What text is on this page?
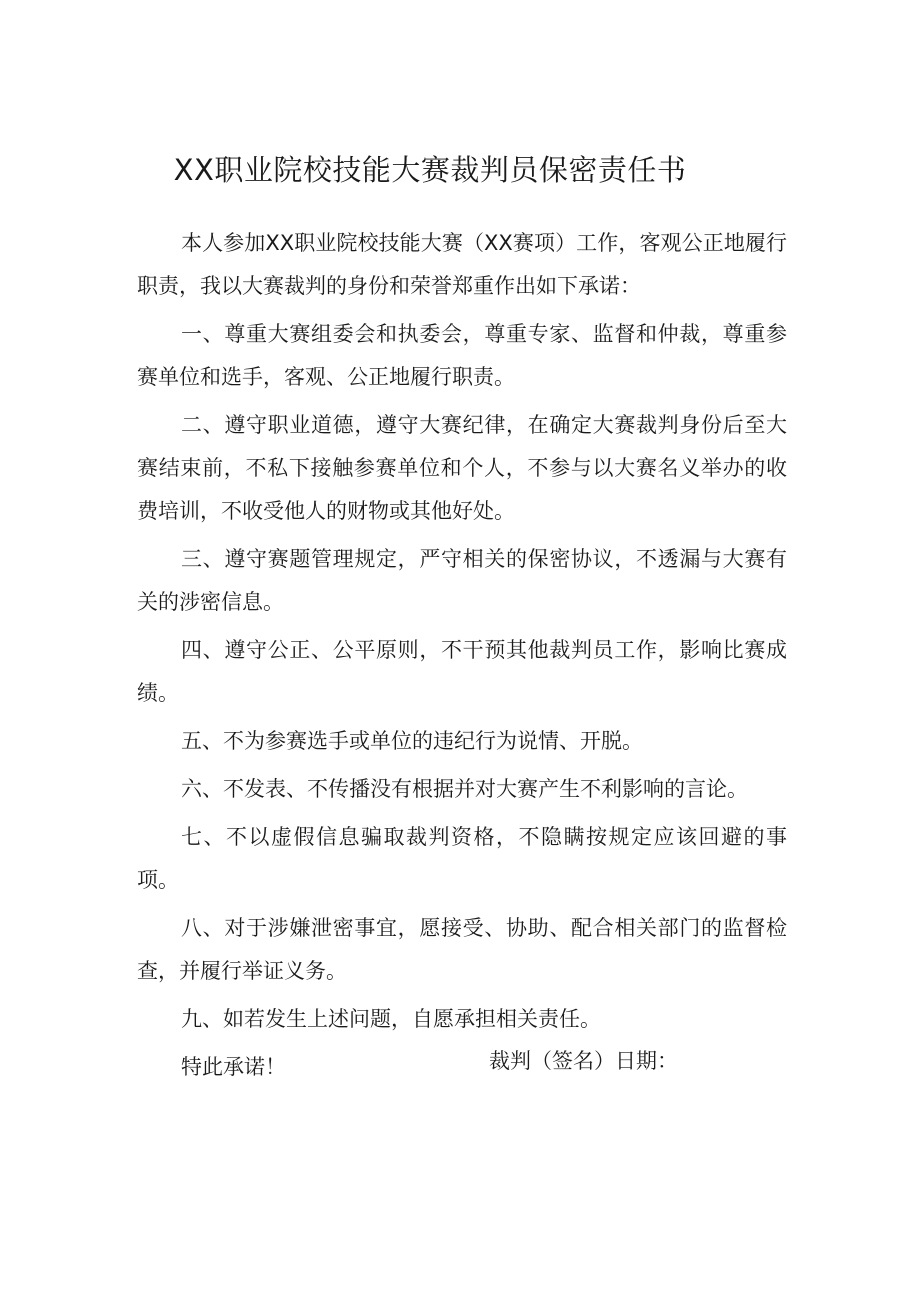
XX职业院校技能大赛裁判员保密责任书

本人参加XX职业院校技能大赛（XX赛项）工作，客观公正地履行职责，我以大赛裁判的身份和荣誉郑重作出如下承诺：

一、尊重大赛组委会和执委会，尊重专家、监督和仲裁，尊重参赛单位和选手，客观、公正地履行职责。

二、遵守职业道德，遵守大赛纪律，在确定大赛裁判身份后至大赛结束前，不私下接触参赛单位和个人，不参与以大赛名义举办的收费培训，不收受他人的财物或其他好处。

三、遵守赛题管理规定，严守相关的保密协议，不透漏与大赛有关的涉密信息。

四、遵守公正、公平原则，不干预其他裁判员工作，影响比赛成绩。

五、不为参赛选手或单位的违纪行为说情、开脱。

六、不发表、不传播没有根据并对大赛产生不利影响的言论。

七、不以虚假信息骗取裁判资格，不隐瞒按规定应该回避的事项。

八、对于涉嫌泄密事宜，愿接受、协助、配合相关部门的监督检查，并履行举证义务。

九、如若发生上述问题，自愿承担相关责任。

特此承诺！	裁判（签名）日期：
